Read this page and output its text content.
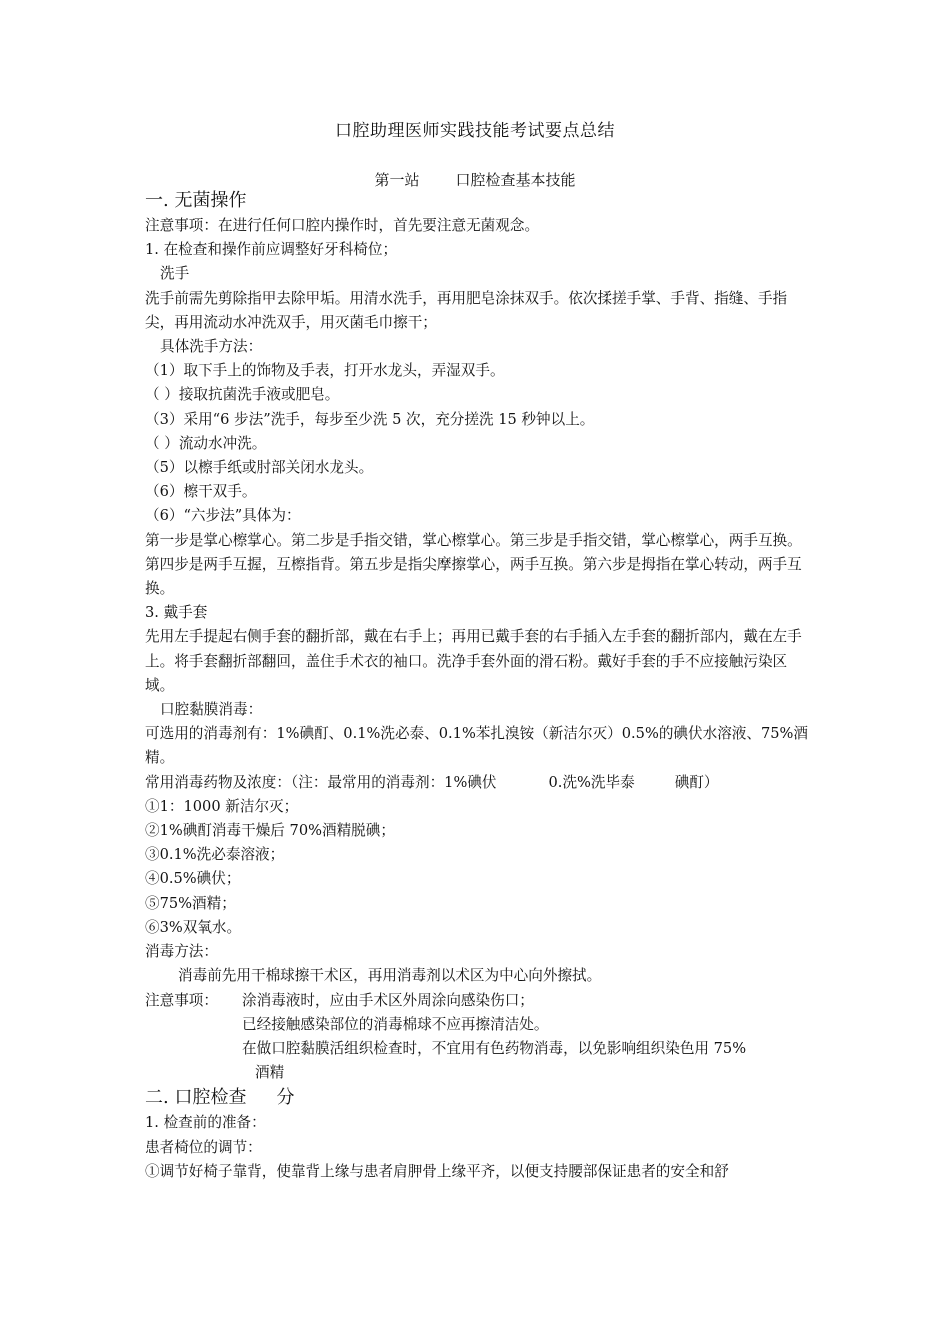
口腔助理医师实践技能考试要点总结
第一站 口腔检查基本技能

一. 无菌操作

注意事项：在进行任何口腔内操作时，首先要注意无菌观念。

1. 在检查和操作前应调整好牙科椅位；

洗手

洗手前需先剪除指甲去除甲垢。用清水洗手，再用肥皂涂抹双手。依次揉搓手掌、手背、指缝、手指尖，再用流动水冲洗双手，用灭菌毛巾擦干；

具体洗手方法：

（1）取下手上的饰物及手表，打开水龙头，弄湿双手。

（ ）接取抗菌洗手液或肥皂。

（3）采用“6 步法”洗手，每步至少洗 5 次，充分搓洗 15 秒钟以上。

（ ）流动水冲洗。

（5）以檫手纸或肘部关闭水龙头。

（6）檫干双手。

（6）“六步法”具体为：

第一步是掌心檫掌心。第二步是手指交错，掌心檫掌心。第三步是手指交错，掌心檫掌心，两手互换。第四步是两手互握，互檫指背。第五步是指尖摩擦掌心，两手互换。第六步是拇指在掌心转动，两手互换。

3. 戴手套

先用左手提起右侧手套的翻折部，戴在右手上；再用已戴手套的右手插入左手套的翻折部内，戴在左手上。将手套翻折部翻回，盖住手术衣的袖口。洗净手套外面的滑石粉。戴好手套的手不应接触污染区域。

口腔黏膜消毒：

可选用的消毒剂有：1%碘酊、0.1%洗必泰、0.1%苯扎溴铵（新洁尔灭）0.5%的碘伏水溶液、75%酒精。

常用消毒药物及浓度：（注：最常用的消毒剂：1%碘伏	0.洗%洗毕泰	碘酊）

①1：1000 新洁尔灭；

②1%碘酊消毒干燥后 70%酒精脱碘；

③0.1%洗必泰溶液；

④0.5%碘伏；

⑤75%酒精；

⑥3%双氧水。

消毒方法：

消毒前先用干棉球擦干术区，再用消毒剂以术区为中心向外擦拭。

注意事项：	涂消毒液时，应由手术区外周涂向感染伤口；

已经接触感染部位的消毒棉球不应再擦清洁处。

在做口腔黏膜活组织检查时，不宜用有色药物消毒，以免影响组织染色用 75%

酒精

二. 口腔检查 分

1. 检查前的准备：

患者椅位的调节：

①调节好椅子靠背，使靠背上缘与患者肩胛骨上缘平齐，以便支持腰部保证患者的安全和舒
